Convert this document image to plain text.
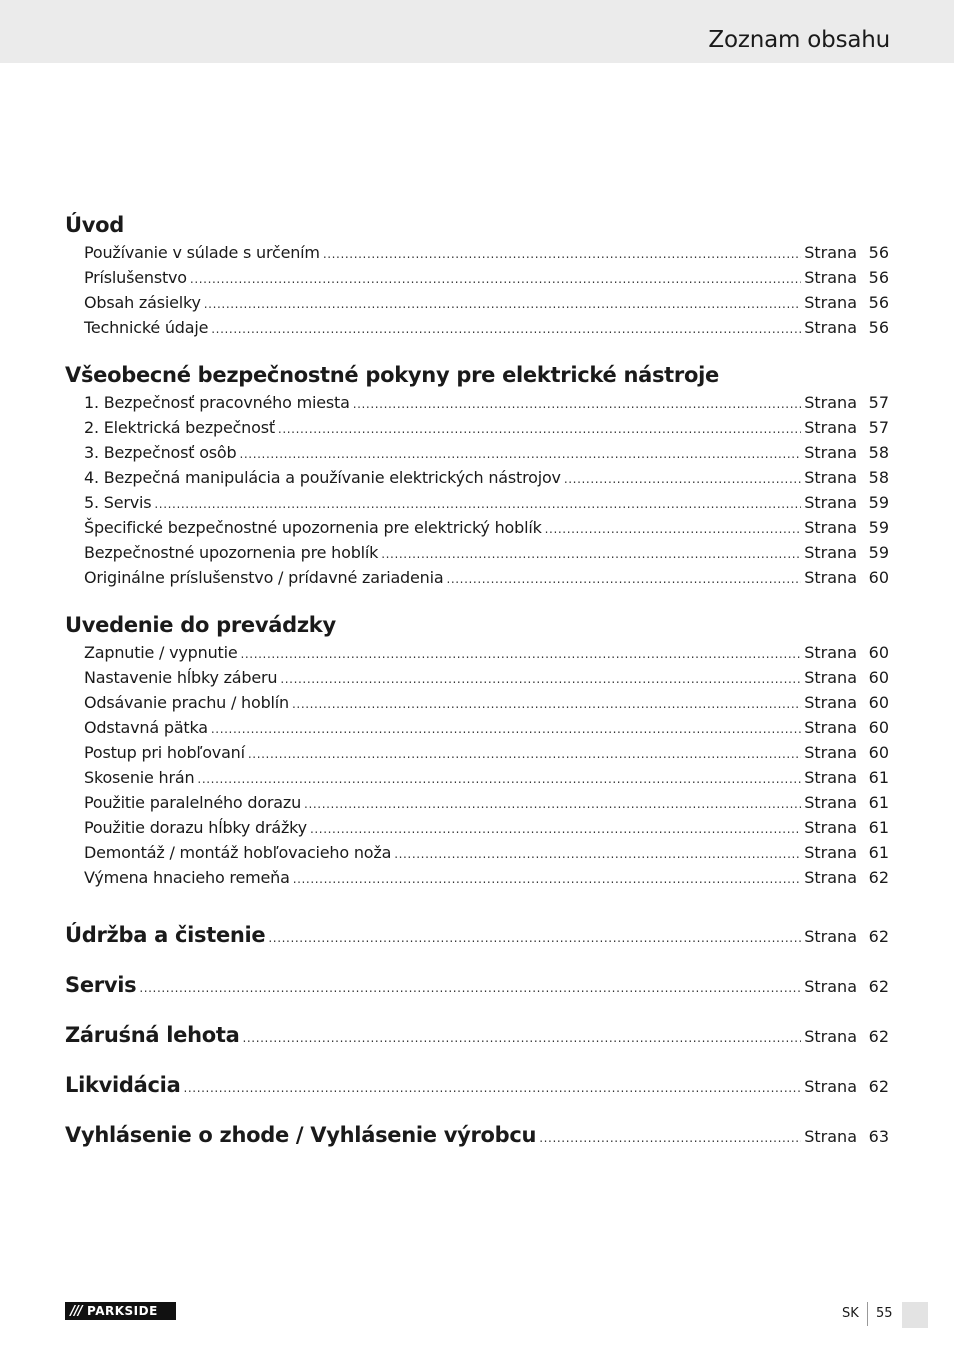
Zoznam obsahu
Úvod
Používanie v súlade s určením .....	Strana 56
Príslušenstvo .....	Strana 56
Obsah zásielky .....	Strana 56
Technické údaje .....	Strana 56
Všeobecné bezpečnostné pokyny pre elektrické nástroje
1. Bezpečnosť pracovného miesta .....	Strana 57
2. Elektrická bezpečnosť .....	Strana 57
3. Bezpečnosť osôb .....	Strana 58
4. Bezpečná manipulácia a používanie elektrických nástrojov .....	Strana 58
5. Servis .....	Strana 59
Špecifické bezpečnostné upozornenia pre elektrický hoblík .....	Strana 59
Bezpečnostné upozornenia pre hoblík .....	Strana 59
Originálne príslušenstvo / prídavné zariadenia .....	Strana 60
Uvedenie do prevádzky
Zapnutie / vypnutie .....	Strana 60
Nastavenie hĺbky záberu .....	Strana 60
Odsávanie prachu / hoblín .....	Strana 60
Odstavná pätka .....	Strana 60
Postup pri hobľovaní .....	Strana 60
Skosenie hrán .....	Strana 61
Použitie paralelného dorazu .....	Strana 61
Použitie dorazu hĺbky drážky .....	Strana 61
Demontáž / montáž hobľovacieho noža .....	Strana 61
Výmena hnacieho remeňa .....	Strana 62
Údržba a čistenie .....	Strana 62
Servis .....	Strana 62
Záruśná lehota .....	Strana 62
Likvidácia .....	Strana 62
Vyhlásenie o zhode / Vyhlásenie výrobcu .....	Strana 63
/// PARKSIDE	SK 55
